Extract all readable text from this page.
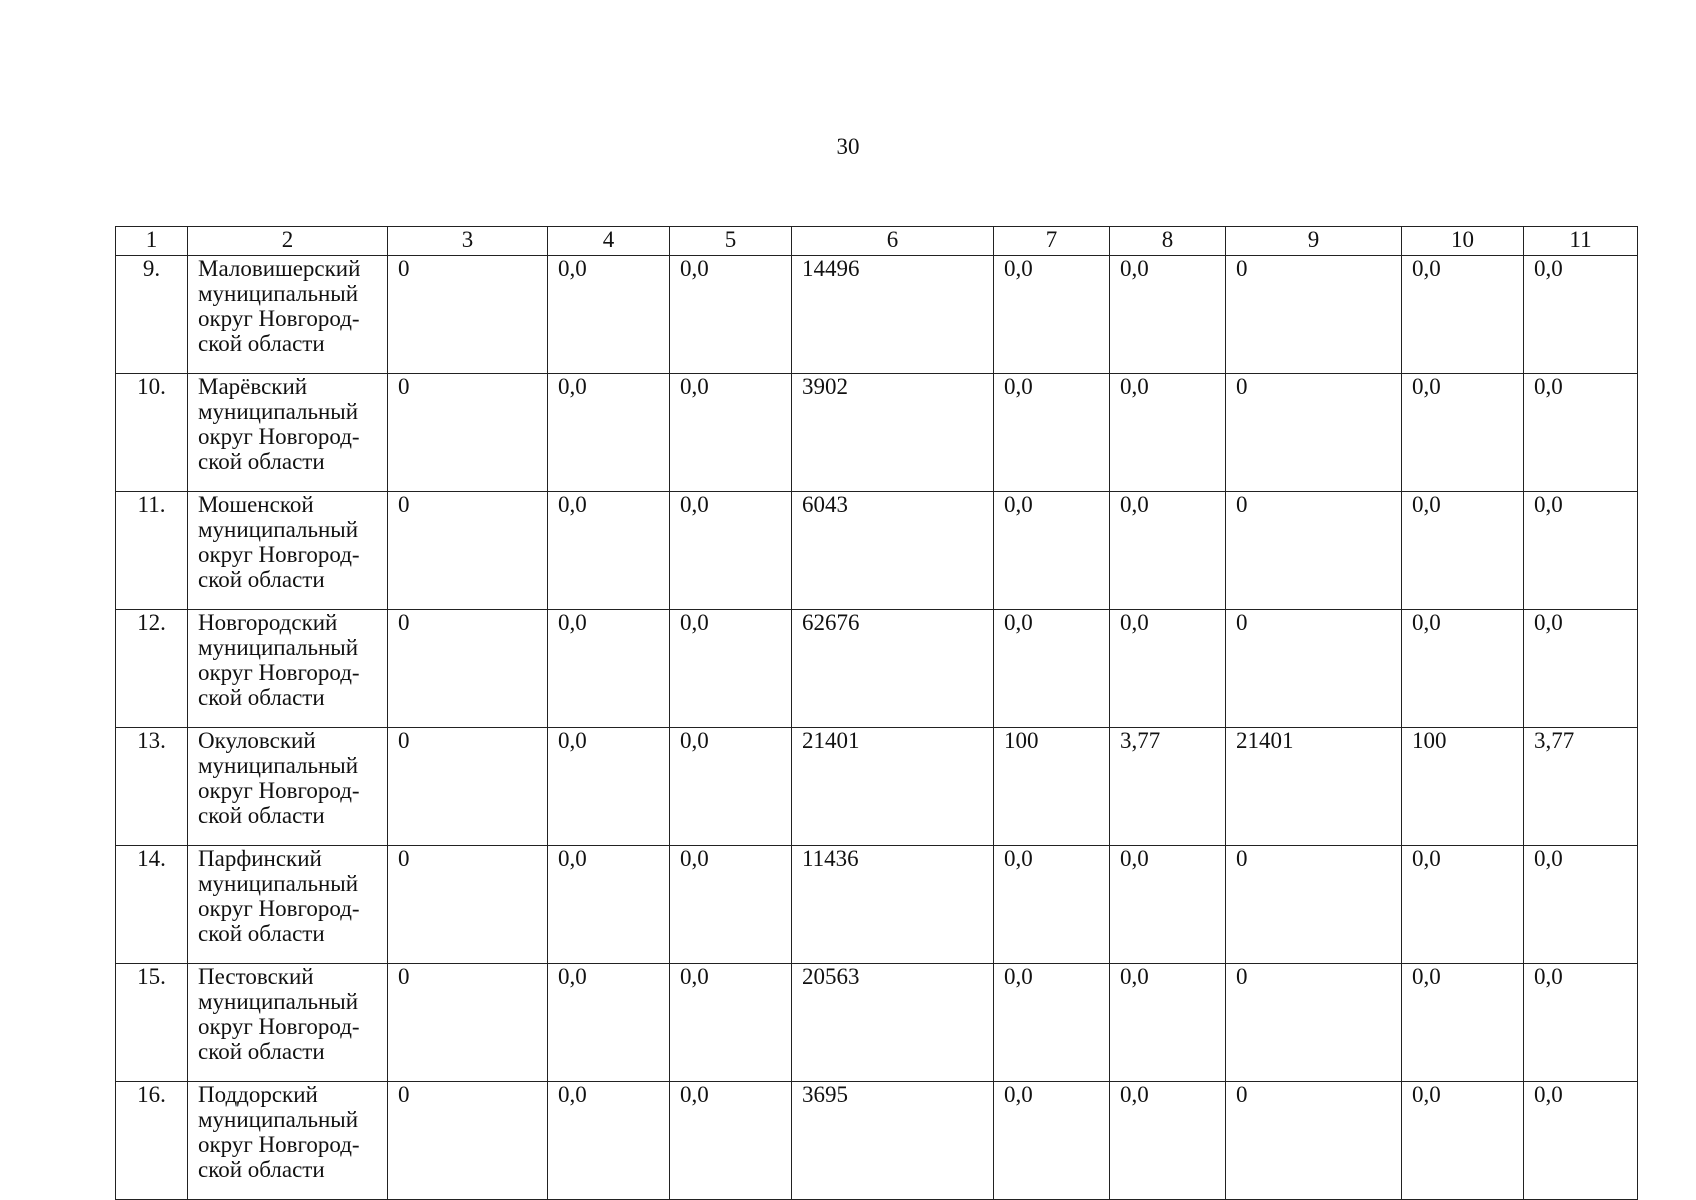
30
1	2	3	4	5	6	7	8	9	10	11
9.	Маловишерский
муниципальный
округ Новгород-
ской области	0	0,0	0,0	14496	0,0	0,0	0	0,0	0,0
10.	Марёвский
муниципальный
округ Новгород-
ской области	0	0,0	0,0	3902	0,0	0,0	0	0,0	0,0
11.	Мошенской
муниципальный
округ Новгород-
ской области	0	0,0	0,0	6043	0,0	0,0	0	0,0	0,0
12.	Новгородский
муниципальный
округ Новгород-
ской области	0	0,0	0,0	62676	0,0	0,0	0	0,0	0,0
13.	Окуловский
муниципальный
округ Новгород-
ской области	0	0,0	0,0	21401	100	3,77	21401	100	3,77
14.	Парфинский
муниципальный
округ Новгород-
ской области	0	0,0	0,0	11436	0,0	0,0	0	0,0	0,0
15.	Пестовский
муниципальный
округ Новгород-
ской области	0	0,0	0,0	20563	0,0	0,0	0	0,0	0,0
16.	Поддорский
муниципальный
округ Новгород-
ской области	0	0,0	0,0	3695	0,0	0,0	0	0,0	0,0
